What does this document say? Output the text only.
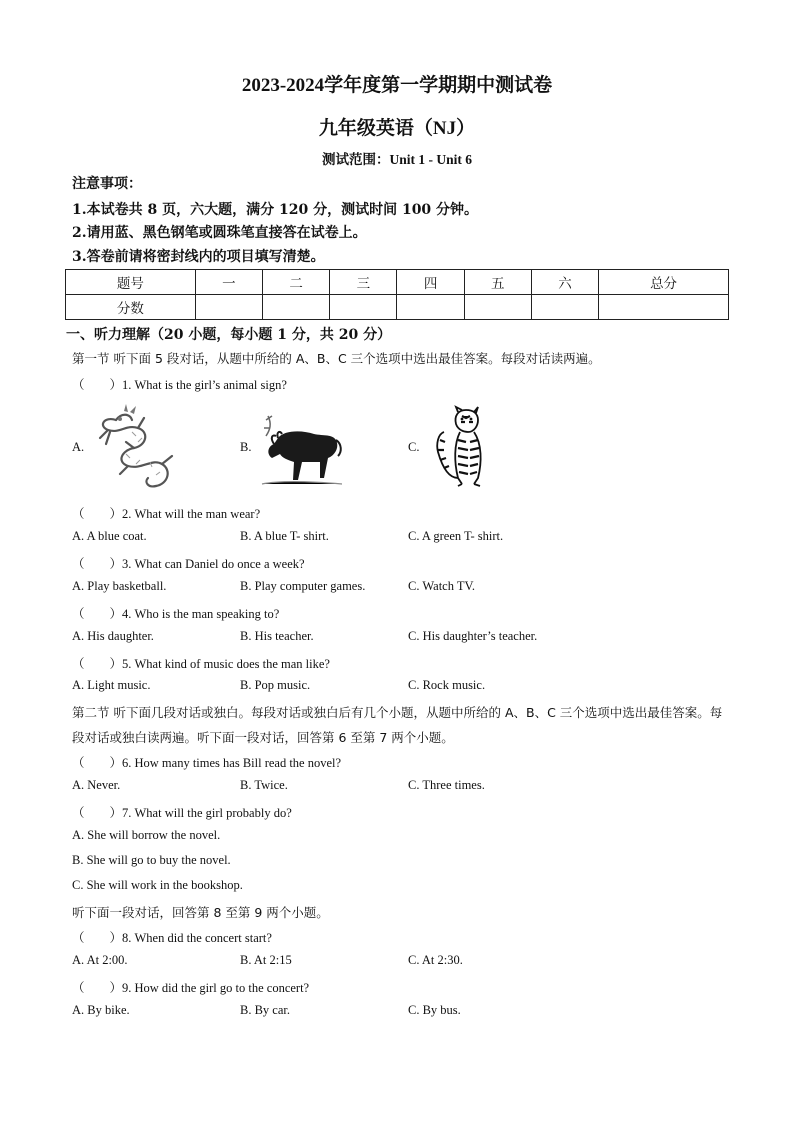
2023-2024学年度第一学期期中测试卷
九年级英语（NJ）
测试范围：Unit 1 - Unit 6
注意事项：
1.本试卷共 8 页，六大题，满分 120 分，测试时间 100 分钟。
2.请用蓝、黑色钢笔或圆珠笔直接答在试卷上。
3.答卷前请将密封线内的项目填写清楚。
题号	一	二	三	四	五	六	总分
分数							
一、听力理解（20 小题，每小题 1 分，共 20 分）
第一节 听下面 5 段对话，从题中所给的 A、B、C 三个选项中选出最佳答案。每段对话读两遍。
（　　）1. What is the girl’s animal sign?
A.	B.	C.
（　　）2. What will the man wear?
A. A blue coat.	B. A blue T- shirt.	C. A green T- shirt.
（　　）3. What can Daniel do once a week?
A. Play basketball.	B. Play computer games.	C. Watch TV.
（　　）4. Who is the man speaking to?
A. His daughter.	B. His teacher.	C. His daughter’s teacher.
（　　）5. What kind of music does the man like?
A. Light music.	B. Pop music.	C. Rock music.
第二节 听下面几段对话或独白。每段对话或独白后有几个小题，从题中所给的 A、B、C 三个选项中选出最佳答案。每段对话或独白读两遍。听下面一段对话，回答第 6 至第 7 两个小题。
（　　）6. How many times has Bill read the novel?
A. Never.	B. Twice.	C. Three times.
（　　）7. What will the girl probably do?
A. She will borrow the novel.
B. She will go to buy the novel.
C. She will work in the bookshop.
听下面一段对话，回答第 8 至第 9 两个小题。
（　　）8. When did the concert start?
A. At 2:00.	B. At 2:15	C. At 2:30.
（　　）9. How did the girl go to the concert?
A. By bike.	B. By car.	C. By bus.
